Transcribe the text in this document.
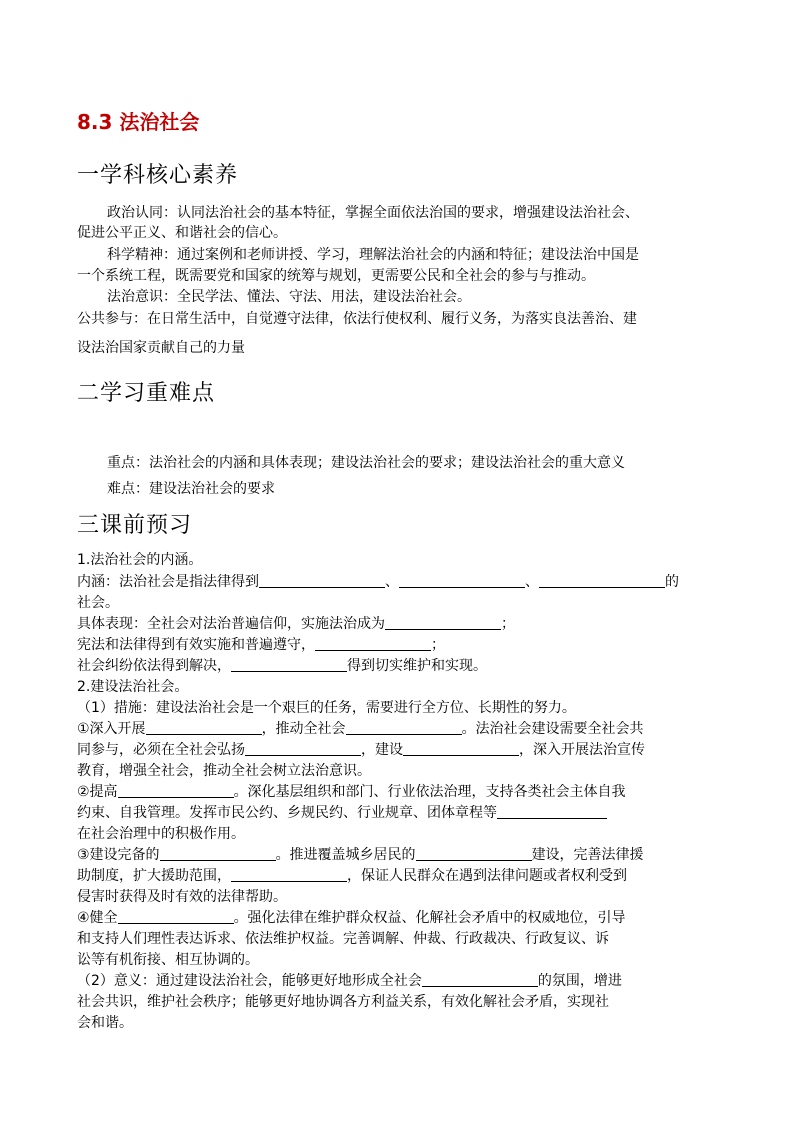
8.3 法治社会
一学科核心素养
政治认同：认同法治社会的基本特征，掌握全面依法治国的要求，增强建设法治社会、
促进公平正义、和谐社会的信心。
科学精神：通过案例和老师讲授、学习，理解法治社会的内涵和特征；建设法治中国是
一个系统工程，既需要党和国家的统筹与规划，更需要公民和全社会的参与与推动。
法治意识：全民学法、懂法、守法、用法，建设法治社会。
公共参与：在日常生活中，自觉遵守法律，依法行使权利、履行义务，为落实良法善治、建
设法治国家贡献自己的力量
二学习重难点
重点：法治社会的内涵和具体表现；建设法治社会的要求；建设法治社会的重大意义
难点：建设法治社会的要求
三课前预习
1.法治社会的内涵。
内涵：法治社会是指法律得到	、	、	的
社会。
具体表现：全社会对法治普遍信仰，实施法治成为	；
宪法和法律得到有效实施和普遍遵守，	；
社会纠纷依法得到解决，	得到切实维护和实现。
2.建设法治社会。
（1）措施：建设法治社会是一个艰巨的任务，需要进行全方位、长期性的努力。
①深入开展	，推动全社会	。法治社会建设需要全社会共
同参与，必须在全社会弘扬	，建设	，深入开展法治宣传
教育，增强全社会，推动全社会树立法治意识。
②提高	。深化基层组织和部门、行业依法治理，支持各类社会主体自我
约束、自我管理。发挥市民公约、乡规民约、行业规章、团体章程等
在社会治理中的积极作用。
③建设完备的	。推进覆盖城乡居民的	建设，完善法律援
助制度，扩大援助范围，	，保证人民群众在遇到法律问题或者权利受到
侵害时获得及时有效的法律帮助。
④健全	。强化法律在维护群众权益、化解社会矛盾中的权威地位，引导
和支持人们理性表达诉求、依法维护权益。完善调解、仲裁、行政裁决、行政复议、诉
讼等有机衔接、相互协调的。
（2）意义：通过建设法治社会，能够更好地形成全社会	的氛围，增进
社会共识，维护社会秩序；能够更好地协调各方利益关系，有效化解社会矛盾，实现社
会和谐。
